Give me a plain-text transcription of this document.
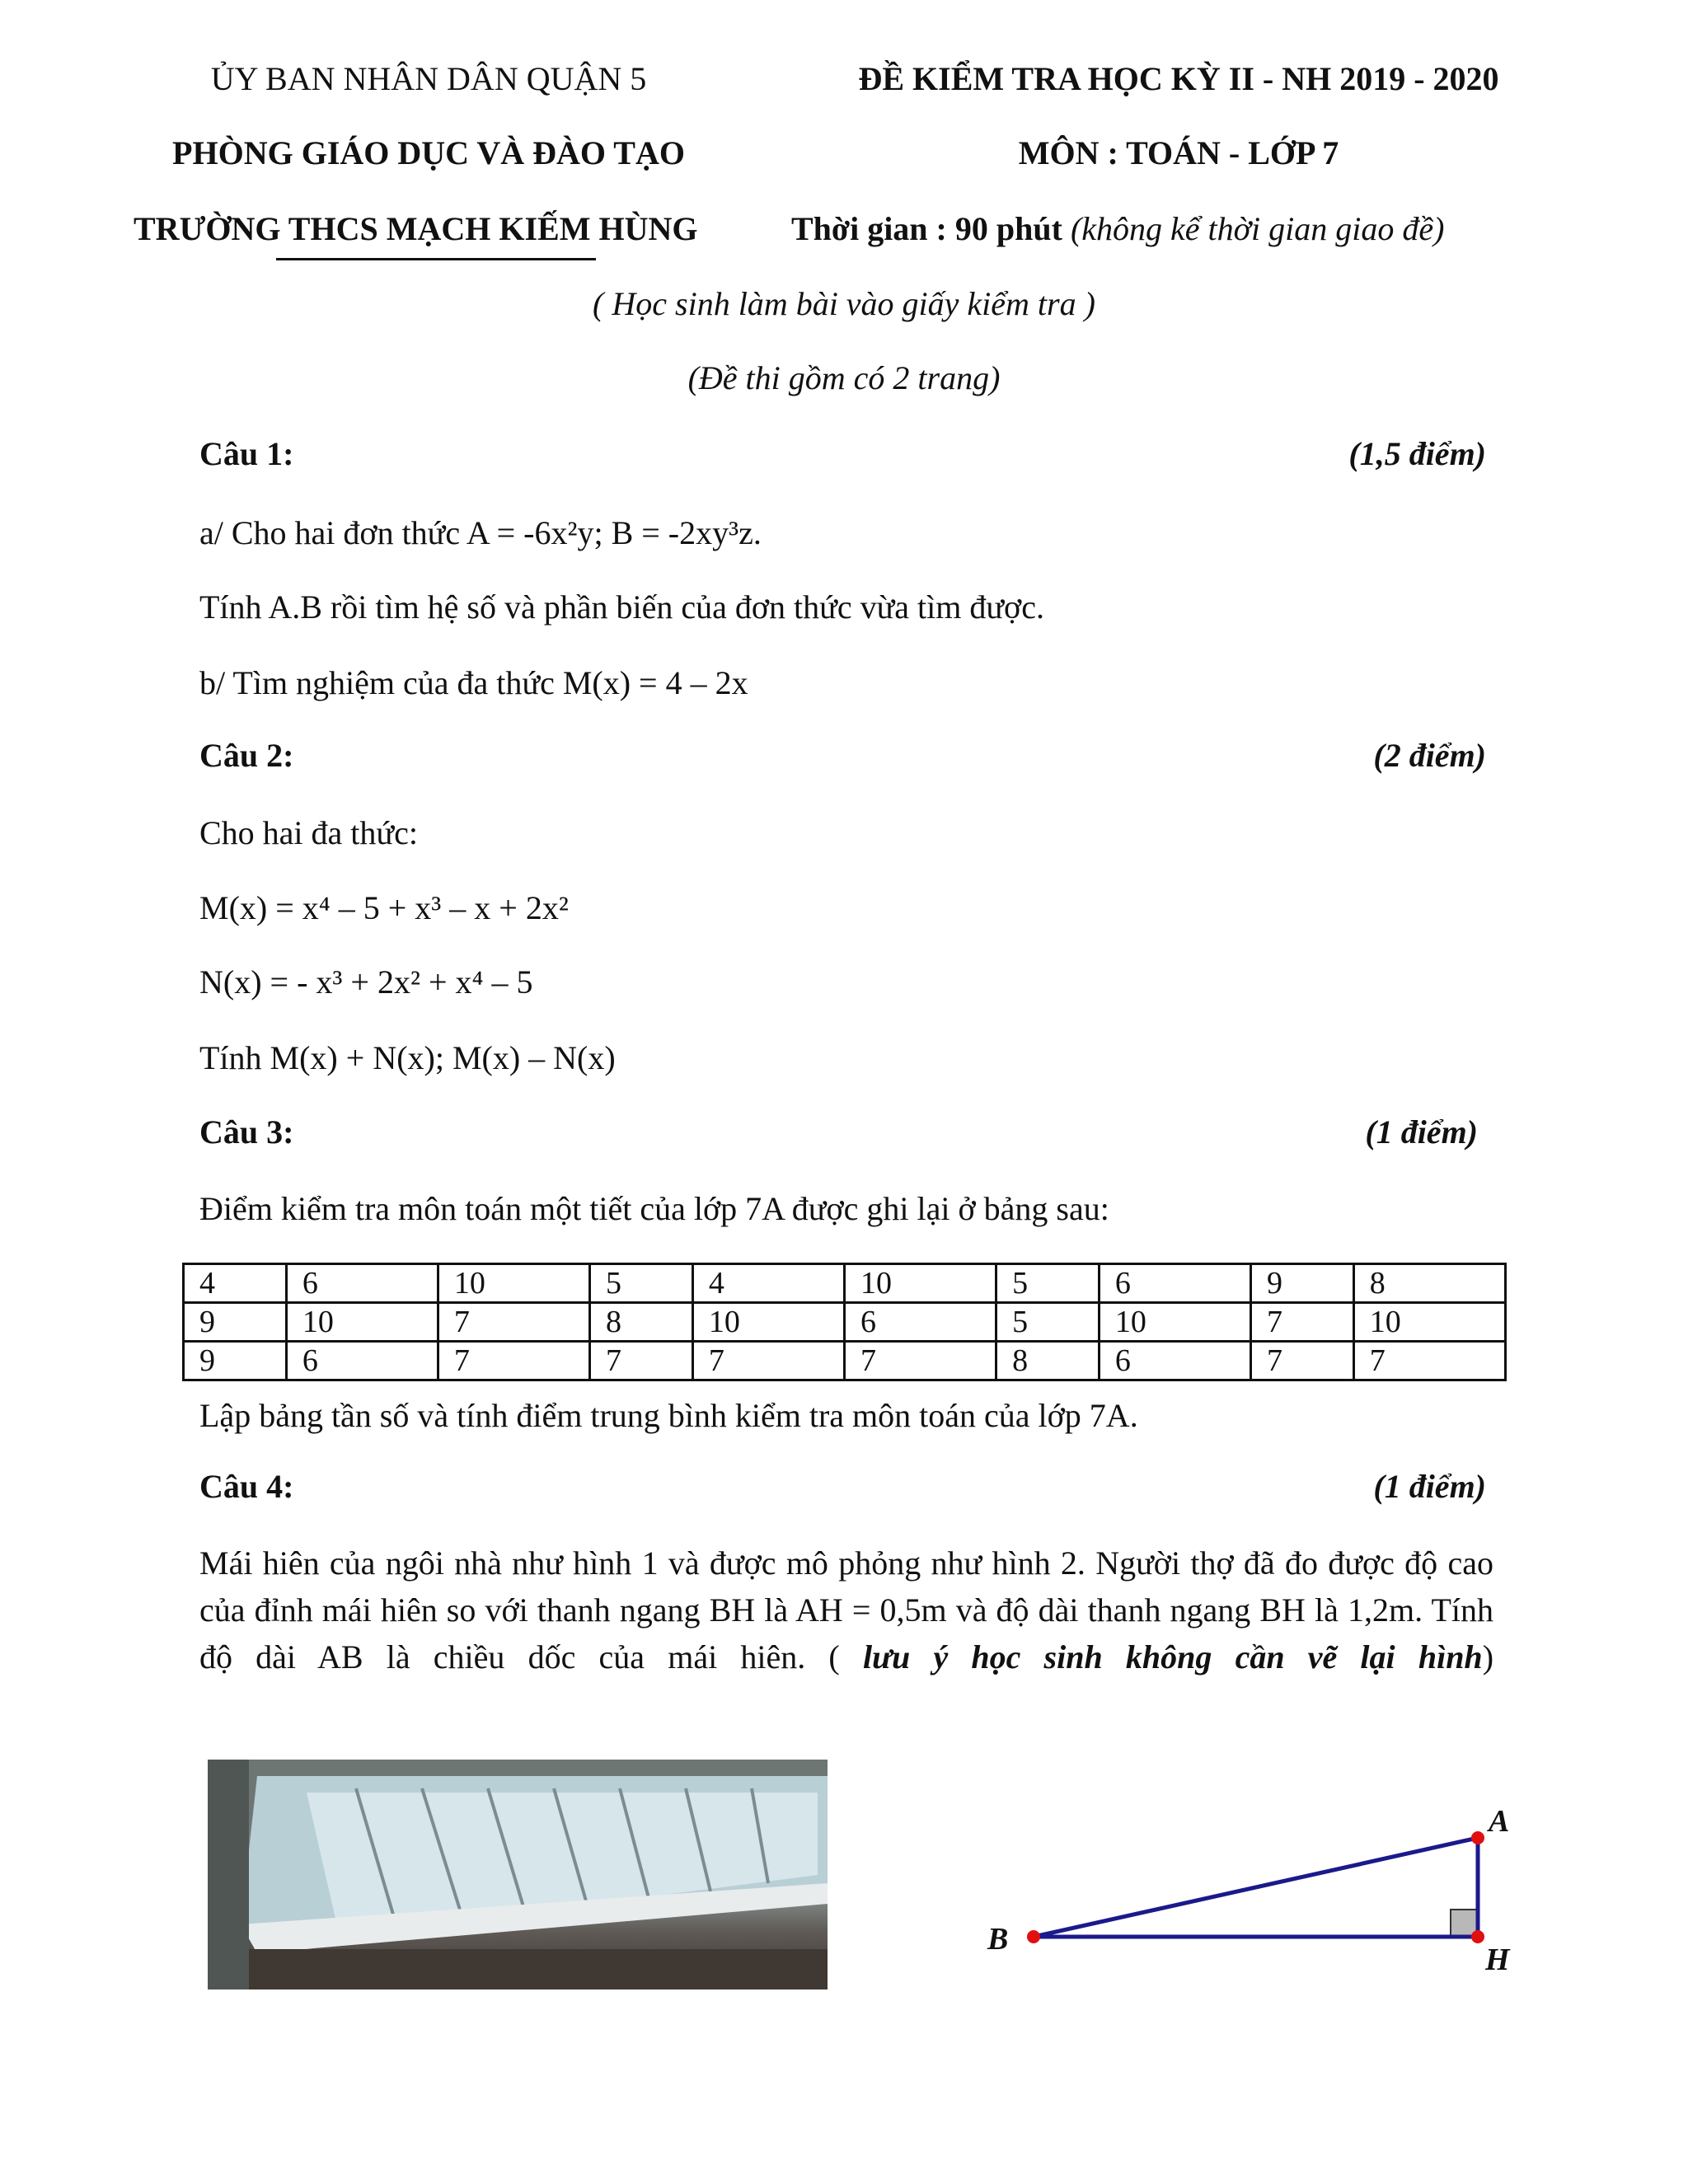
ỦY BAN NHÂN DÂN QUẬN 5
PHÒNG GIÁO DỤC VÀ ĐÀO TẠO
TRƯỜNG THCS MẠCH KIẾM HÙNG
ĐỀ KIỂM TRA HỌC KỲ II - NH 2019 - 2020
MÔN : TOÁN - LỚP 7
Thời gian : 90 phút (không kể thời gian giao đề)
( Học sinh làm bài vào giấy kiểm tra )
(Đề thi gồm có 2 trang)
Câu 1:	(1,5 điểm)
a/ Cho hai đơn thức A = -6x²y; B = -2xy³z.
Tính A.B rồi tìm hệ số và phần biến của đơn thức vừa tìm được.
b/ Tìm nghiệm của đa thức M(x) = 4 – 2x
Câu 2:	(2 điểm)
Cho hai đa thức:
M(x) = x⁴ – 5 + x³ – x + 2x²
N(x) = - x³ + 2x² + x⁴ – 5
Tính M(x) + N(x); M(x) – N(x)
Câu 3:	(1 điểm)
Điểm kiểm tra môn toán một tiết của lớp 7A được ghi lại ở bảng sau:
4	6	10	5	4	10	5	6	9	8
9	10	7	8	10	6	5	10	7	10
9	6	7	7	7	7	8	6	7	7
Lập bảng tần số và tính điểm trung bình kiểm tra môn toán của lớp 7A.
Câu 4:	(1 điểm)
Mái hiên của ngôi nhà như hình 1 và được mô phỏng như hình 2. Người thợ đã đo được độ cao của đỉnh mái hiên so với thanh ngang BH là AH = 0,5m và độ dài thanh ngang BH là 1,2m. Tính độ dài AB là chiều dốc của mái hiên. ( lưu ý học sinh không cần vẽ lại hình)
A
B
H
